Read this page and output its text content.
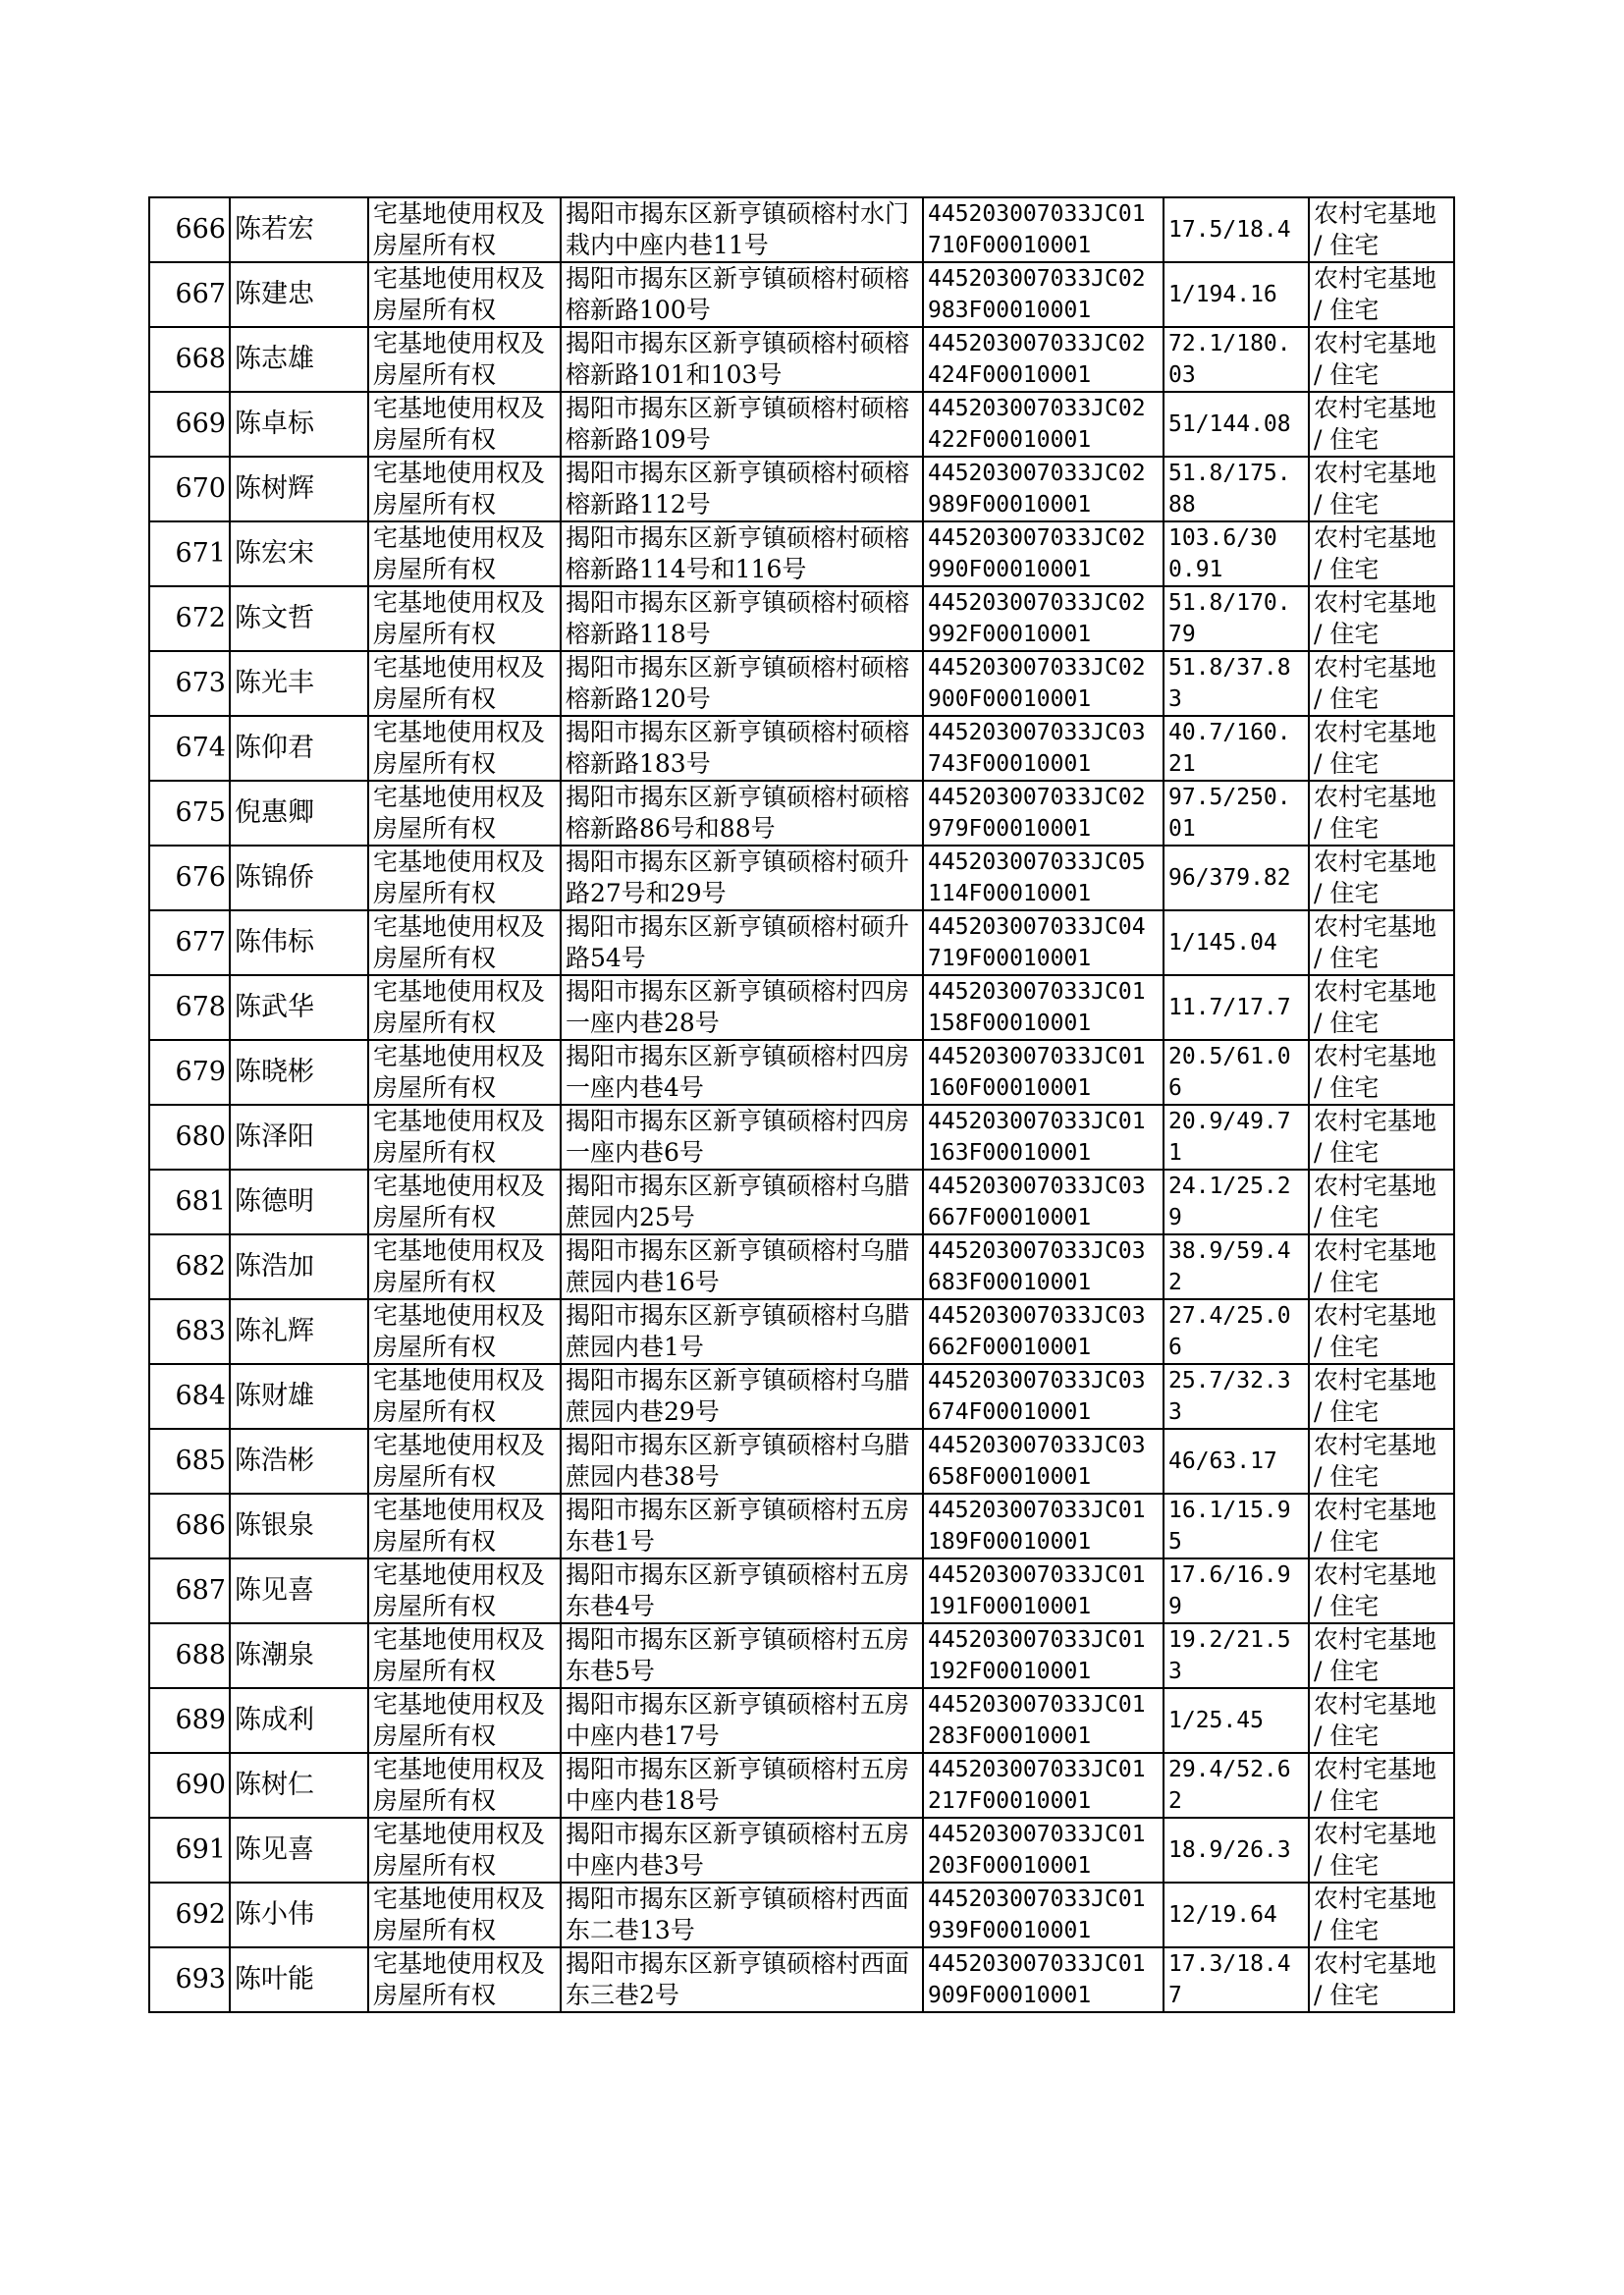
666	陈若宏	宅基地使用权及房屋所有权	揭阳市揭东区新亨镇硕榕村水门栽内中座内巷11号	445203007033JC01710F00010001	17.5/18.4	农村宅基地 / 住宅
667	陈建忠	宅基地使用权及房屋所有权	揭阳市揭东区新亨镇硕榕村硕榕榕新路100号	445203007033JC02983F00010001	1/194.16	农村宅基地 / 住宅
668	陈志雄	宅基地使用权及房屋所有权	揭阳市揭东区新亨镇硕榕村硕榕榕新路101和103号	445203007033JC02424F00010001	72.1/180.03	农村宅基地 / 住宅
669	陈卓标	宅基地使用权及房屋所有权	揭阳市揭东区新亨镇硕榕村硕榕榕新路109号	445203007033JC02422F00010001	51/144.08	农村宅基地 / 住宅
670	陈树辉	宅基地使用权及房屋所有权	揭阳市揭东区新亨镇硕榕村硕榕榕新路112号	445203007033JC02989F00010001	51.8/175.88	农村宅基地 / 住宅
671	陈宏宋	宅基地使用权及房屋所有权	揭阳市揭东区新亨镇硕榕村硕榕榕新路114号和116号	445203007033JC02990F00010001	103.6/300.91	农村宅基地 / 住宅
672	陈文哲	宅基地使用权及房屋所有权	揭阳市揭东区新亨镇硕榕村硕榕榕新路118号	445203007033JC02992F00010001	51.8/170.79	农村宅基地 / 住宅
673	陈光丰	宅基地使用权及房屋所有权	揭阳市揭东区新亨镇硕榕村硕榕榕新路120号	445203007033JC02900F00010001	51.8/37.83	农村宅基地 / 住宅
674	陈仰君	宅基地使用权及房屋所有权	揭阳市揭东区新亨镇硕榕村硕榕榕新路183号	445203007033JC03743F00010001	40.7/160.21	农村宅基地 / 住宅
675	倪惠卿	宅基地使用权及房屋所有权	揭阳市揭东区新亨镇硕榕村硕榕榕新路86号和88号	445203007033JC02979F00010001	97.5/250.01	农村宅基地 / 住宅
676	陈锦侨	宅基地使用权及房屋所有权	揭阳市揭东区新亨镇硕榕村硕升路27号和29号	445203007033JC05114F00010001	96/379.82	农村宅基地 / 住宅
677	陈伟标	宅基地使用权及房屋所有权	揭阳市揭东区新亨镇硕榕村硕升路54号	445203007033JC04719F00010001	1/145.04	农村宅基地 / 住宅
678	陈武华	宅基地使用权及房屋所有权	揭阳市揭东区新亨镇硕榕村四房一座内巷28号	445203007033JC01158F00010001	11.7/17.7	农村宅基地 / 住宅
679	陈晓彬	宅基地使用权及房屋所有权	揭阳市揭东区新亨镇硕榕村四房一座内巷4号	445203007033JC01160F00010001	20.5/61.06	农村宅基地 / 住宅
680	陈泽阳	宅基地使用权及房屋所有权	揭阳市揭东区新亨镇硕榕村四房一座内巷6号	445203007033JC01163F00010001	20.9/49.71	农村宅基地 / 住宅
681	陈德明	宅基地使用权及房屋所有权	揭阳市揭东区新亨镇硕榕村乌腊蔗园内25号	445203007033JC03667F00010001	24.1/25.29	农村宅基地 / 住宅
682	陈浩加	宅基地使用权及房屋所有权	揭阳市揭东区新亨镇硕榕村乌腊蔗园内巷16号	445203007033JC03683F00010001	38.9/59.42	农村宅基地 / 住宅
683	陈礼辉	宅基地使用权及房屋所有权	揭阳市揭东区新亨镇硕榕村乌腊蔗园内巷1号	445203007033JC03662F00010001	27.4/25.06	农村宅基地 / 住宅
684	陈财雄	宅基地使用权及房屋所有权	揭阳市揭东区新亨镇硕榕村乌腊蔗园内巷29号	445203007033JC03674F00010001	25.7/32.33	农村宅基地 / 住宅
685	陈浩彬	宅基地使用权及房屋所有权	揭阳市揭东区新亨镇硕榕村乌腊蔗园内巷38号	445203007033JC03658F00010001	46/63.17	农村宅基地 / 住宅
686	陈银泉	宅基地使用权及房屋所有权	揭阳市揭东区新亨镇硕榕村五房东巷1号	445203007033JC01189F00010001	16.1/15.95	农村宅基地 / 住宅
687	陈见喜	宅基地使用权及房屋所有权	揭阳市揭东区新亨镇硕榕村五房东巷4号	445203007033JC01191F00010001	17.6/16.99	农村宅基地 / 住宅
688	陈潮泉	宅基地使用权及房屋所有权	揭阳市揭东区新亨镇硕榕村五房东巷5号	445203007033JC01192F00010001	19.2/21.53	农村宅基地 / 住宅
689	陈成利	宅基地使用权及房屋所有权	揭阳市揭东区新亨镇硕榕村五房中座内巷17号	445203007033JC01283F00010001	1/25.45	农村宅基地 / 住宅
690	陈树仁	宅基地使用权及房屋所有权	揭阳市揭东区新亨镇硕榕村五房中座内巷18号	445203007033JC01217F00010001	29.4/52.62	农村宅基地 / 住宅
691	陈见喜	宅基地使用权及房屋所有权	揭阳市揭东区新亨镇硕榕村五房中座内巷3号	445203007033JC01203F00010001	18.9/26.3	农村宅基地 / 住宅
692	陈小伟	宅基地使用权及房屋所有权	揭阳市揭东区新亨镇硕榕村西面东二巷13号	445203007033JC01939F00010001	12/19.64	农村宅基地 / 住宅
693	陈叶能	宅基地使用权及房屋所有权	揭阳市揭东区新亨镇硕榕村西面东三巷2号	445203007033JC01909F00010001	17.3/18.47	农村宅基地 / 住宅
